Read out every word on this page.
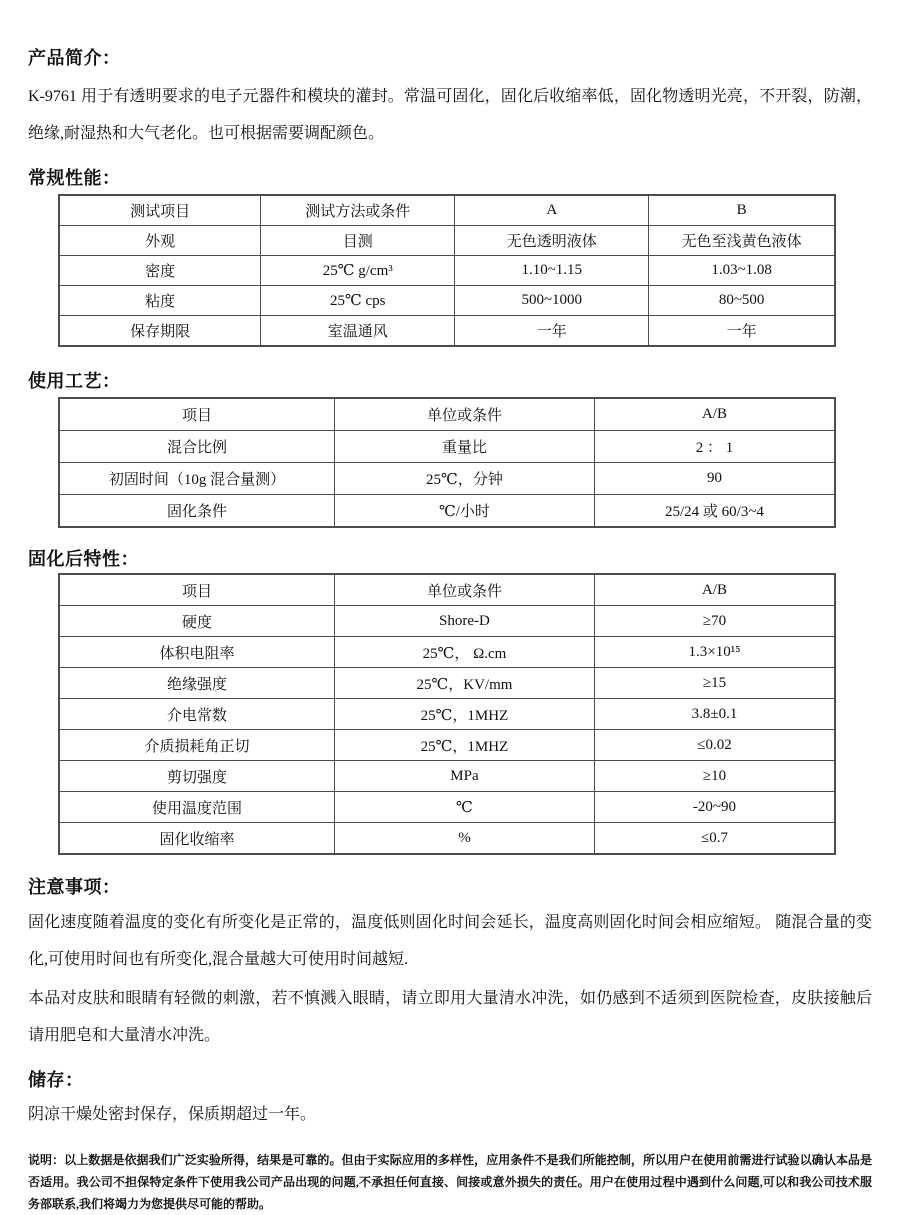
产品简介：

K-9761 用于有透明要求的电子元器件和模块的灌封。常温可固化，固化后收缩率低，固化物透明光亮，不开裂，防潮，绝缘,耐湿热和大气老化。也可根据需要调配颜色。

常规性能：
测试项目	测试方法或条件	A	B
外观	目测	无色透明液体	无色至浅黄色液体
密度	25℃ g/cm³	1.10~1.15	1.03~1.08
粘度	25℃ cps	500~1000	80~500
保存期限	室温通风	一年	一年
使用工艺：
项目	单位或条件	A/B
混合比例	重量比	2 ： 1
初固时间（10g 混合量测）	25℃，分钟	90
固化条件	℃/小时	25/24 或 60/3~4
固化后特性：
项目	单位或条件	A/B
硬度	Shore-D	≥70
体积电阻率	25℃， Ω.cm	1.3×10¹⁵
绝缘强度	25℃，KV/mm	≥15
介电常数	25℃，1MHZ	3.8±0.1
介质损耗角正切	25℃，1MHZ	≤0.02
剪切强度	MPa	≥10
使用温度范围	℃	-20~90
固化收缩率	%	≤0.7
注意事项：

固化速度随着温度的变化有所变化是正常的，温度低则固化时间会延长，温度高则固化时间会相应缩短。 随混合量的变化,可使用时间也有所变化,混合量越大可使用时间越短.

本品对皮肤和眼睛有轻微的刺激，若不慎溅入眼睛，请立即用大量清水冲洗，如仍感到不适须到医院检查，皮肤接触后请用肥皂和大量清水冲洗。

储存：

阴凉干燥处密封保存，保质期超过一年。

说明：以上数据是依据我们广泛实验所得，结果是可靠的。但由于实际应用的多样性，应用条件不是我们所能控制，所以用户在使用前需进行试验以确认本品是否适用。我公司不担保特定条件下使用我公司产品出现的问题,不承担任何直接、间接或意外损失的责任。用户在使用过程中遇到什么问题,可以和我公司技术服务部联系,我们将竭力为您提供尽可能的帮助。
